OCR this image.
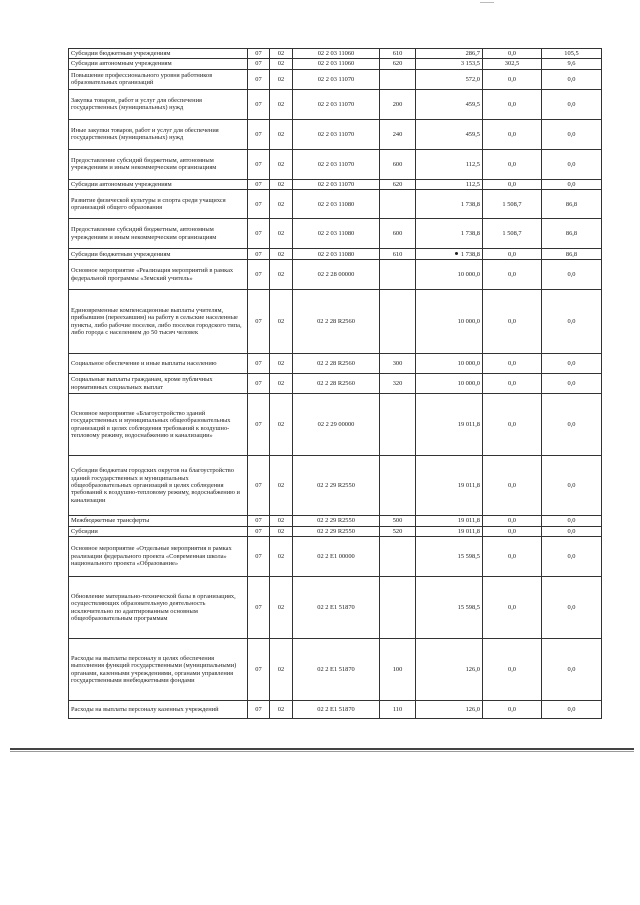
Субсидии бюджетным учреждениям	07	02	02 2 03 11060	610	286,7	0,0	105,5
Субсидии автономным учреждениям	07	02	02 2 03 11060	620	3 153,5	302,5	9,6
Повышение профессионального уровня работников образовательных организаций	07	02	02 2 03 11070		572,0	0,0	0,0
Закупка товаров, работ и услуг для обеспечения государственных (муниципальных) нужд	07	02	02 2 03 11070	200	459,5	0,0	0,0
Иные закупки товаров, работ и услуг для обеспечения государственных (муниципальных) нужд	07	02	02 2 03 11070	240	459,5	0,0	0,0
Предоставление субсидий бюджетным, автономным учреждениям и иным некоммерческим организациям	07	02	02 2 03 11070	600	112,5	0,0	0,0
Субсидии автономным учреждениям	07	02	02 2 03 11070	620	112,5	0,0	0,0
Развитие физической культуры и спорта среди учащихся организаций общего образования	07	02	02 2 03 11080		1 738,8	1 508,7	86,8
Предоставление субсидий бюджетным, автономным учреждениям и иным некоммерческим организациям	07	02	02 2 03 11080	600	1 738,8	1 508,7	86,8
Субсидии бюджетным учреждениям	07	02	02 2 03 11080	610	1 738,8	0,0	86,8
Основное мероприятие «Реализация мероприятий в рамках федеральной программы «Земский учитель»	07	02	02 2 28 00000		10 000,0	0,0	0,0
Единовременные компенсационные выплаты учителям, прибывшим (переехавшим) на работу в сельские населенные пункты, либо рабочие поселки, либо поселки городского типа, либо города с населением до 50 тысяч человек	07	02	02 2 28 R2560		10 000,0	0,0	0,0
Социальное обеспечение и иные выплаты населению	07	02	02 2 28 R2560	300	10 000,0	0,0	0,0
Социальные выплаты гражданам, кроме публичных нормативных социальных выплат	07	02	02 2 28 R2560	320	10 000,0	0,0	0,0
Основное мероприятие «Благоустройство зданий государственных и муниципальных общеобразовательных организаций в целях соблюдения требований к воздушно-тепловому режиму, водоснабжению и канализации»	07	02	02 2 29 00000		19 011,8	0,0	0,0
Субсидии бюджетам городских округов на благоустройство зданий государственных и муниципальных общеобразовательных организаций в целях соблюдения требований к воздушно-тепловому режиму, водоснабжению и канализации	07	02	02 2 29 R2550		19 011,8	0,0	0,0
Межбюджетные трансферты	07	02	02 2 29 R2550	500	19 011,8	0,0	0,0
Субсидии	07	02	02 2 29 R2550	520	19 011,8	0,0	0,0
Основное мероприятие «Отдельные мероприятия в рамках реализации федерального проекта «Современная школа» национального проекта «Образование»	07	02	02 2 E1 00000		15 598,5	0,0	0,0
Обновление материально-технической базы в организациях, осуществляющих образовательную деятельность исключительно по адаптированным основным общеобразовательным программам	07	02	02 2 E1 51870		15 598,5	0,0	0,0
Расходы на выплаты персоналу в целях обеспечения выполнения функций государственными (муниципальными) органами, казенными учреждениями, органами управления государственными внебюджетными фондами	07	02	02 2 E1 51870	100	126,0	0,0	0,0
Расходы на выплаты персоналу казенных учреждений	07	02	02 2 E1 51870	110	126,0	0,0	0,0
